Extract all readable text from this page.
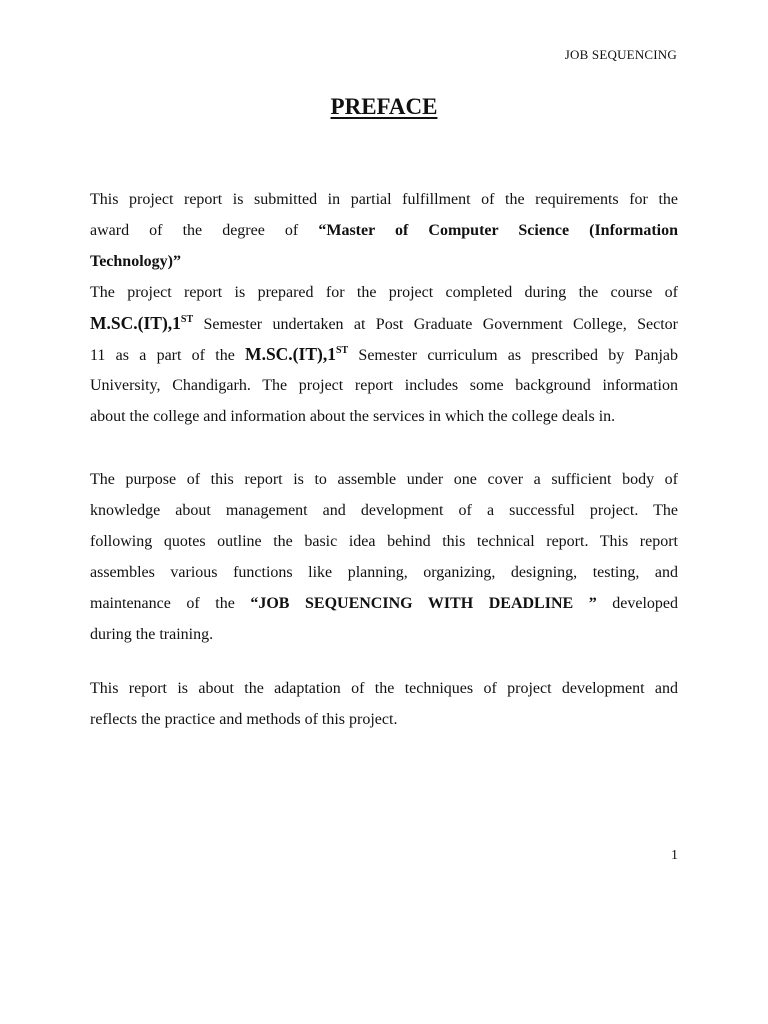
JOB SEQUENCING
PREFACE
This project report is submitted in partial fulfillment of the requirements for the
award of the degree of “Master of Computer Science (Information
Technology)”
The project report is prepared for the project completed during the course of
M.SC.(IT),1ST Semester undertaken at Post Graduate Government College, Sector
11 as a part of the M.SC.(IT),1ST Semester curriculum as prescribed by Panjab
University, Chandigarh. The project report includes some background information
about the college and information about the services in which the college deals in.
The purpose of this report is to assemble under one cover a sufficient body of
knowledge about management and development of a successful project. The
following quotes outline the basic idea behind this technical report. This report
assembles various functions like planning, organizing, designing, testing, and
maintenance of the “JOB SEQUENCING WITH DEADLINE ” developed
during the training.
This report is about the adaptation of the techniques of project development and
reflects the practice and methods of this project.
1
